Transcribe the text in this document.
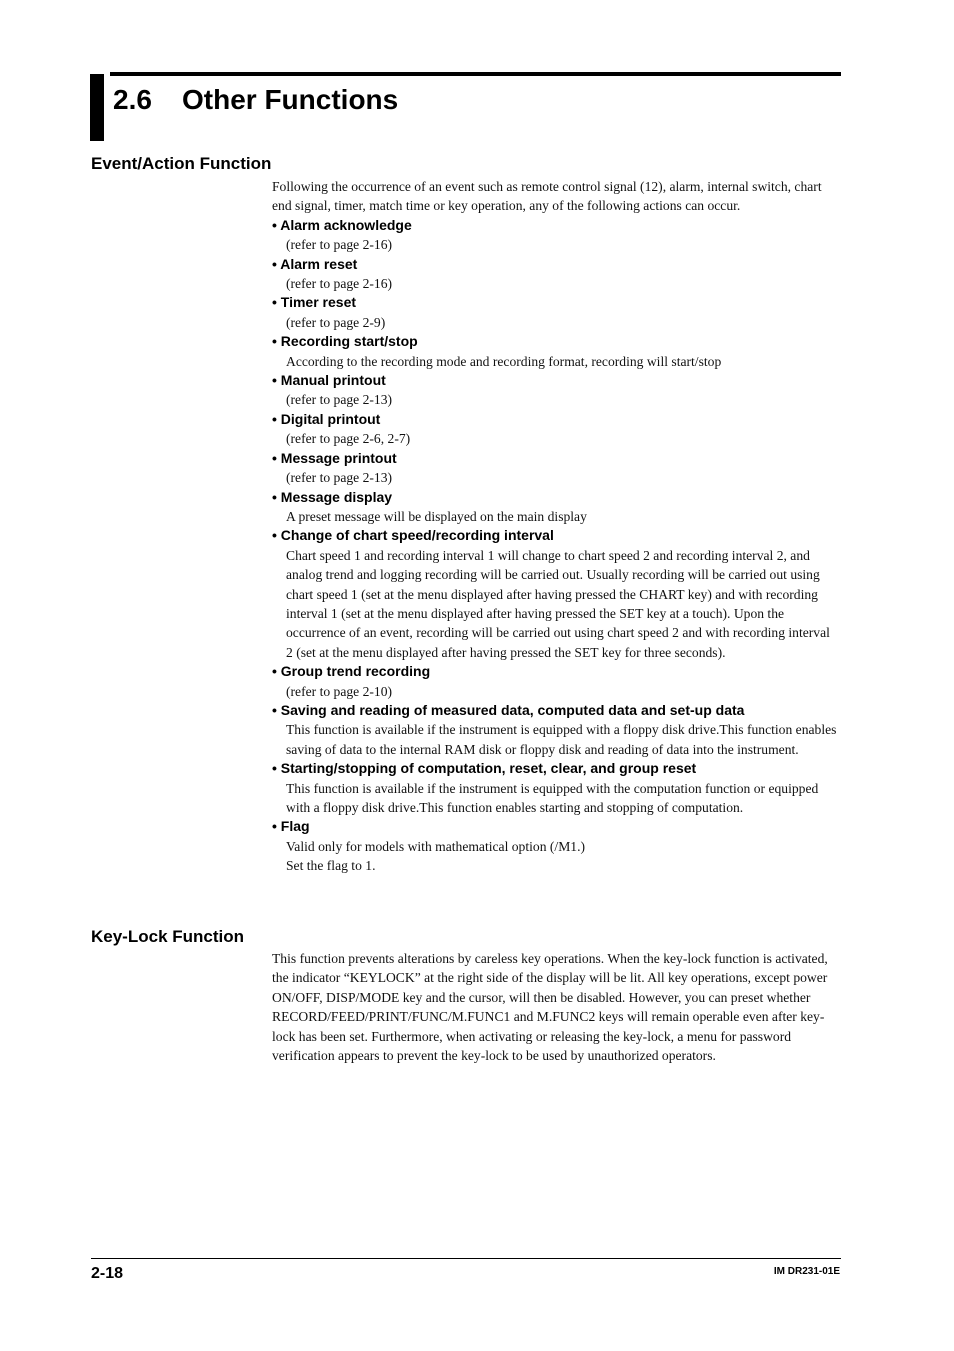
2.6 Other Functions
Event/Action Function

Following the occurrence of an event such as remote control signal (12), alarm, internal switch, chart end signal, timer, match time or key operation, any of the following actions can occur.

• Alarm acknowledge

(refer to page 2-16)

• Alarm reset

(refer to page 2-16)

• Timer reset

(refer to page 2-9)

• Recording start/stop

According to the recording mode and recording format, recording will start/stop

• Manual printout

(refer to page 2-13)

• Digital printout

(refer to page 2-6, 2-7)

• Message printout

(refer to page 2-13)

• Message display

A preset message will be displayed on the main display

• Change of chart speed/recording interval

Chart speed 1 and recording interval 1 will change to chart speed 2 and recording interval 2, and analog trend and logging recording will be carried out. Usually recording will be carried out using chart speed 1 (set at the menu displayed after having pressed the CHART key) and with recording interval 1 (set at the menu displayed after having pressed the SET key at a touch). Upon the occurrence of an event, recording will be carried out using chart speed 2 and with recording interval 2 (set at the menu displayed after having pressed the SET key for three seconds).

• Group trend recording

(refer to page 2-10)

• Saving and reading of measured data, computed data and set-up data

This function is available if the instrument is equipped with a floppy disk drive.This function enables saving of data to the internal RAM disk or floppy disk and reading of data into the instrument.

• Starting/stopping of computation, reset, clear, and group reset

This function is available if the instrument is equipped with the computation function or equipped with a floppy disk drive.This function enables starting and stopping of computation.

• Flag

Valid only for models with mathematical option (/M1.)

Set the flag to 1.

Key-Lock Function

This function prevents alterations by careless key operations. When the key-lock function is activated, the indicator “KEYLOCK” at the right side of the display will be lit. All key operations, except power ON/OFF, DISP/MODE key and the cursor, will then be disabled. However, you can preset whether RECORD/FEED/PRINT/FUNC/M.FUNC1 and M.FUNC2 keys will remain operable even after key-lock has been set. Furthermore, when activating or releasing the key-lock, a menu for password verification appears to prevent the key-lock to be used by unauthorized operators.

2-18	IM DR231-01E
